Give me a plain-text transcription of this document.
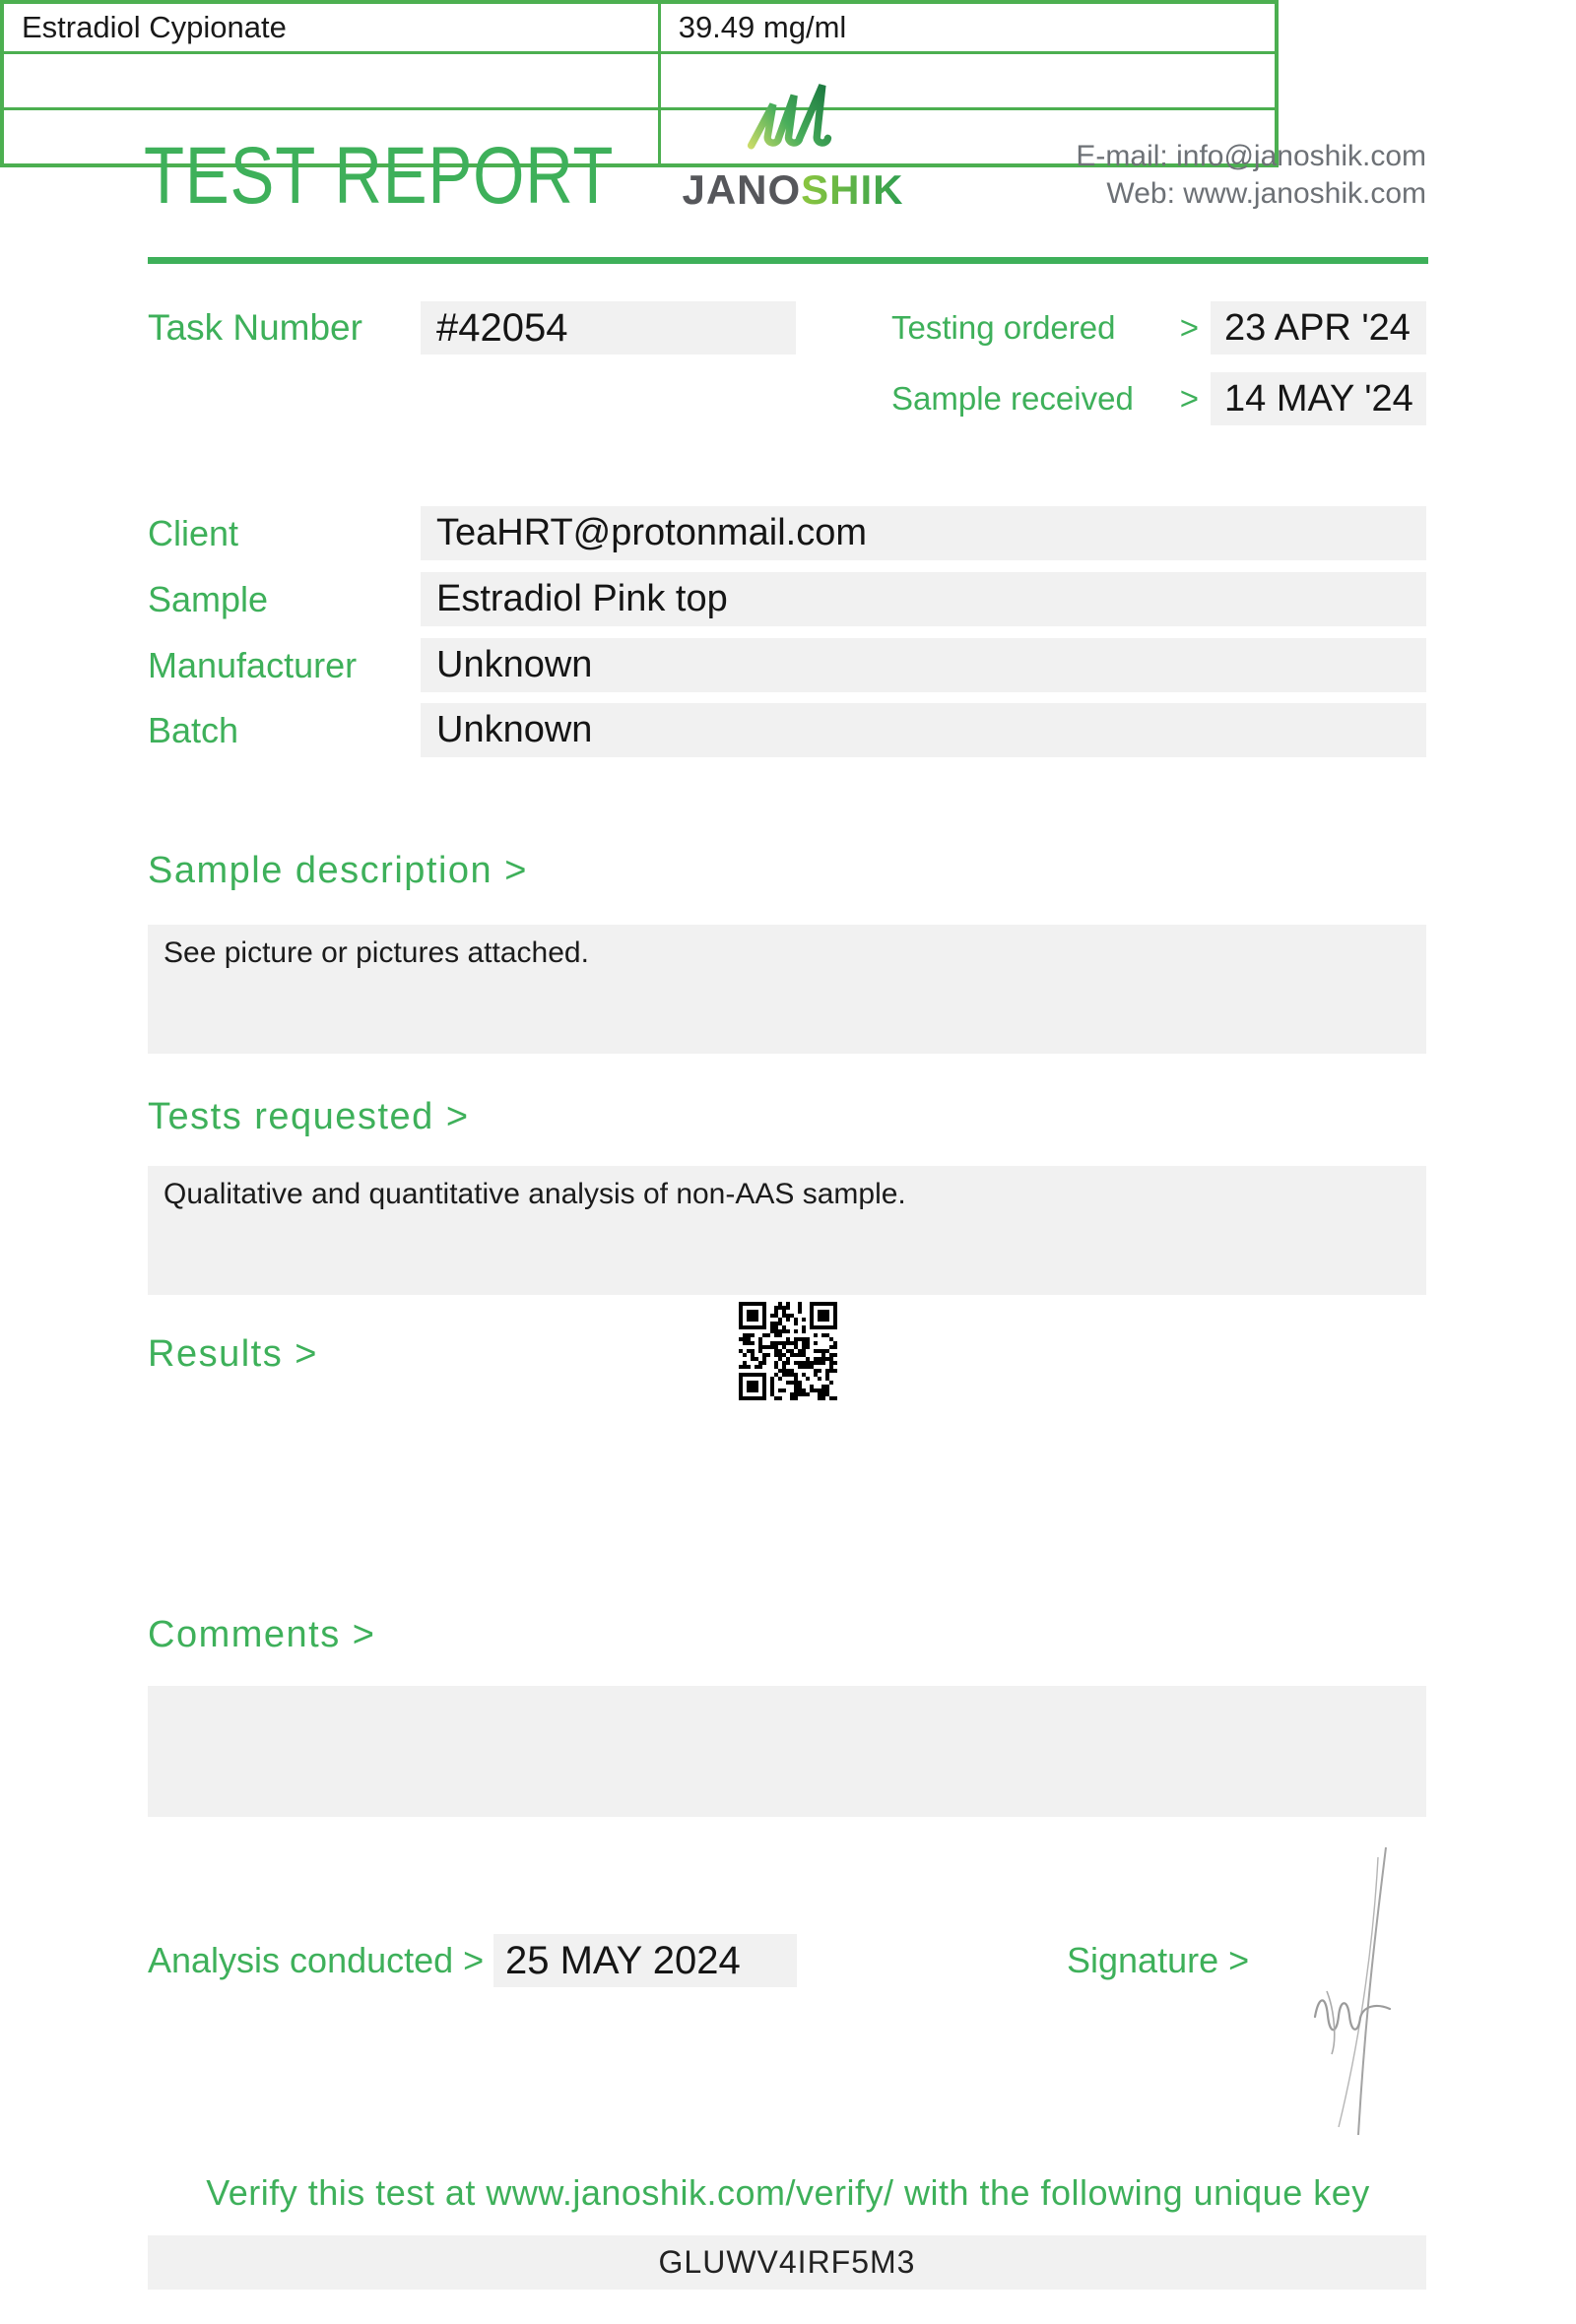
TEST REPORT JANOSHIK
E-mail: info@janoshik.com
Web: www.janoshik.com
Task Number	#42054	Testing ordered > 23 APR '24
Sample received > 14 MAY '24
Client	TeaHRT@protonmail.com
Sample	Estradiol Pink top
Manufacturer	Unknown
Batch	Unknown
Sample description >
See picture or pictures attached.
Tests requested >
Qualitative and quantitative analysis of non-AAS sample.
Results >
Estradiol Cypionate	39.49 mg/ml

Comments >
Analysis conducted > 25 MAY 2024	Signature >
Verify this test at www.janoshik.com/verify/ with the following unique key
GLUWV4IRF5M3
